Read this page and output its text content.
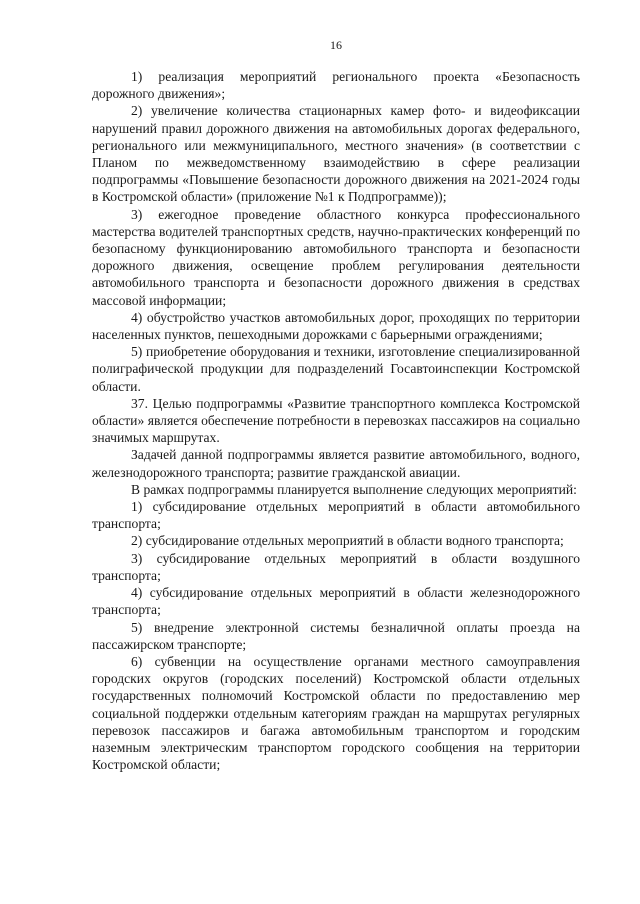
16

1) реализация мероприятий регионального проекта «Безопасность дорожного движения»;

2) увеличение количества стационарных камер фото- и видеофиксации нарушений правил дорожного движения на автомобильных дорогах федерального, регионального или межмуниципального, местного значения» (в соответствии с Планом по межведомственному взаимодействию в сфере реализации подпрограммы «Повышение безопасности дорожного движения на 2021-2024 годы в Костромской области» (приложение №1 к Подпрограмме));

3) ежегодное проведение областного конкурса профессионального мастерства водителей транспортных средств, научно-практических конференций по безопасному функционированию автомобильного транспорта и безопасности дорожного движения, освещение проблем регулирования деятельности автомобильного транспорта и безопасности дорожного движения в средствах массовой информации;

4) обустройство участков автомобильных дорог, проходящих по территории населенных пунктов, пешеходными дорожками с барьерными ограждениями;

5) приобретение оборудования и техники, изготовление специализированной полиграфической продукции для подразделений Госавтоинспекции Костромской области.

37. Целью подпрограммы «Развитие транспортного комплекса Костромской области» является обеспечение потребности в перевозках пассажиров на социально значимых маршрутах.

Задачей данной подпрограммы является развитие автомобильного, водного, железнодорожного транспорта; развитие гражданской авиации.

В рамках подпрограммы планируется выполнение следующих мероприятий:

1) субсидирование отдельных мероприятий в области автомобильного транспорта;

2) субсидирование отдельных мероприятий в области водного транспорта;

3) субсидирование отдельных мероприятий в области воздушного транспорта;

4) субсидирование отдельных мероприятий в области железнодорожного транспорта;

5) внедрение электронной системы безналичной оплаты проезда на пассажирском транспорте;

6) субвенции на осуществление органами местного самоуправления городских округов (городских поселений) Костромской области отдельных государственных полномочий Костромской области по предоставлению мер социальной поддержки отдельным категориям граждан на маршрутах регулярных перевозок пассажиров и багажа автомобильным транспортом и городским наземным электрическим транспортом городского сообщения на территории Костромской области;
